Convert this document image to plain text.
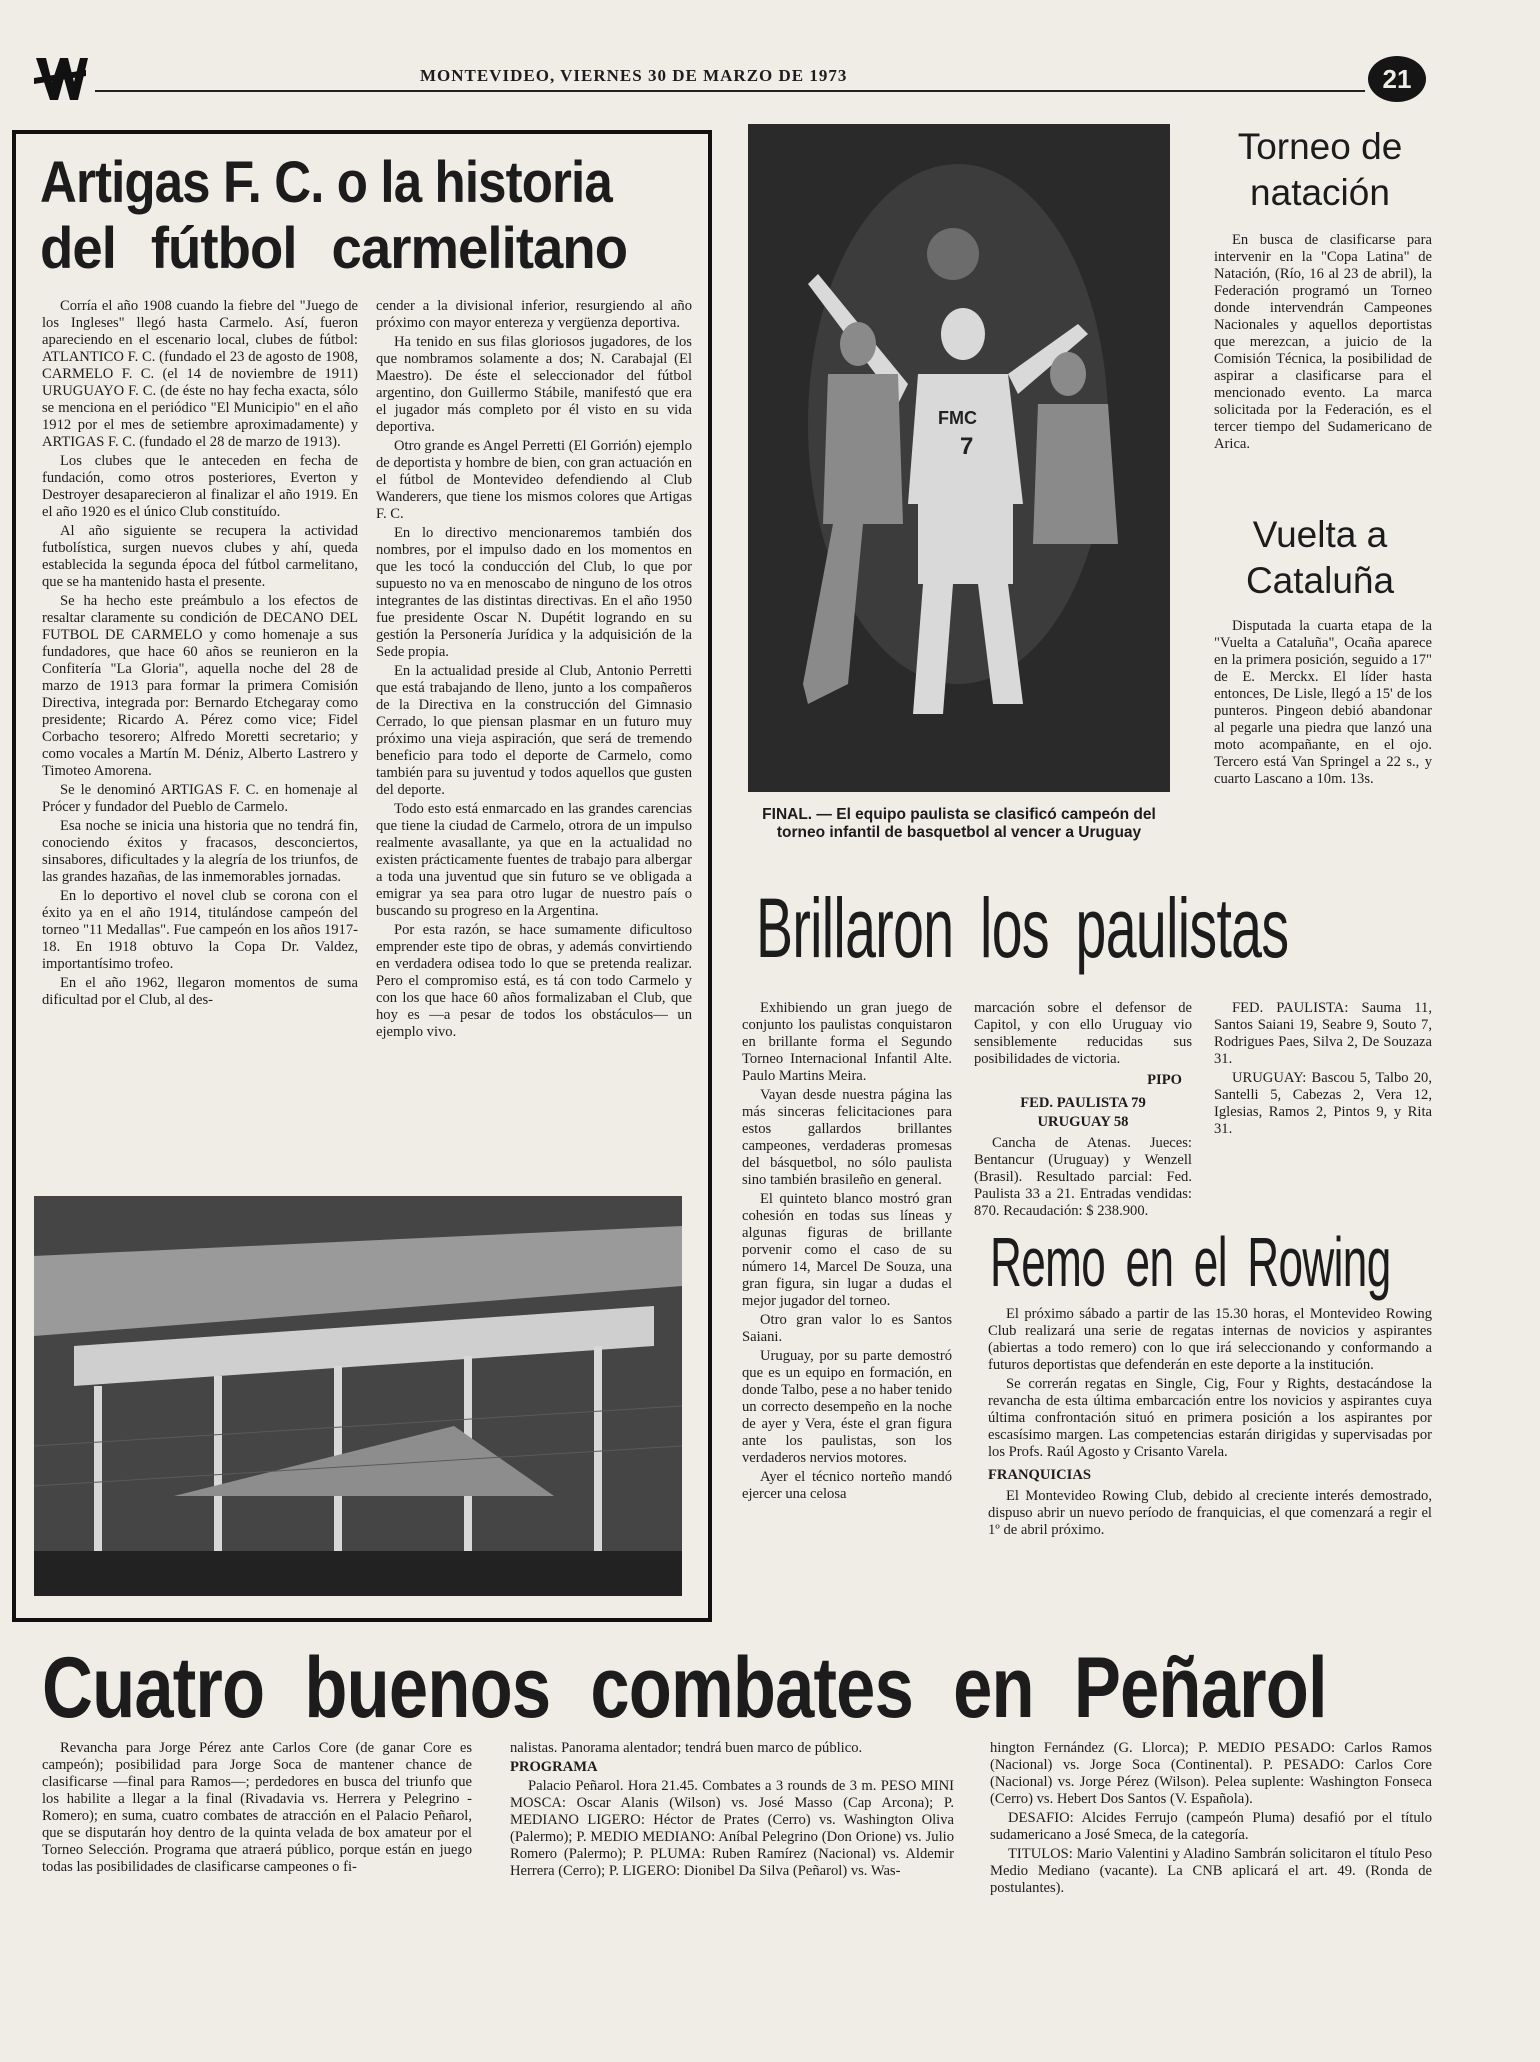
MONTEVIDEO, VIERNES 30 DE MARZO DE 1973	21
Artigas F. C. o la historia
del fútbol carmelitano

Corría el año 1908 cuando la fiebre del "Juego de los Ingleses" llegó hasta Carmelo. Así, fueron apareciendo en el escenario local, clubes de fútbol: ATLANTICO F. C. (fundado el 23 de agosto de 1908, CARMELO F. C. (el 14 de noviembre de 1911) URUGUAYO F. C. (de éste no hay fecha exacta, sólo se menciona en el periódico "El Municipio" en el año 1912 por el mes de setiembre aproximadamente) y ARTIGAS F. C. (fundado el 28 de marzo de 1913).

Los clubes que le anteceden en fecha de fundación, como otros posteriores, Everton y Destroyer desaparecieron al finalizar el año 1919. En el año 1920 es el único Club constituído.

Al año siguiente se recupera la actividad futbolística, surgen nuevos clubes y ahí, queda establecida la segunda época del fútbol carmelitano, que se ha mantenido hasta el presente.

Se ha hecho este preámbulo a los efectos de resaltar claramente su condición de DECANO DEL FUTBOL DE CARMELO y como homenaje a sus fundadores, que hace 60 años se reunieron en la Confitería "La Gloria", aquella noche del 28 de marzo de 1913 para formar la primera Comisión Directiva, integrada por: Bernardo Etchegaray como presidente; Ricardo A. Pérez como vice; Fidel Corbacho tesorero; Alfredo Moretti secretario; y como vocales a Martín M. Déniz, Alberto Lastrero y Timoteo Amorena.

Se le denominó ARTIGAS F. C. en homenaje al Prócer y fundador del Pueblo de Carmelo.

Esa noche se inicia una historia que no tendrá fin, conociendo éxitos y fracasos, desconciertos, sinsabores, dificultades y la alegría de los triunfos, de las grandes hazañas, de las inmemorables jornadas.

En lo deportivo el novel club se corona con el éxito ya en el año 1914, titulándose campeón del torneo "11 Medallas". Fue campeón en los años 1917-18. En 1918 obtuvo la Copa Dr. Valdez, importantísimo trofeo.

En el año 1962, llegaron momentos de suma dificultad por el Club, al des-

cender a la divisional inferior, resurgiendo al año próximo con mayor entereza y vergüenza deportiva.

Ha tenido en sus filas gloriosos jugadores, de los que nombramos solamente a dos; N. Carabajal (El Maestro). De éste el seleccionador del fútbol argentino, don Guillermo Stábile, manifestó que era el jugador más completo por él visto en su vida deportiva.

Otro grande es Angel Perretti (El Gorrión) ejemplo de deportista y hombre de bien, con gran actuación en el fútbol de Montevideo defendiendo al Club Wanderers, que tiene los mismos colores que Artigas F. C.

En lo directivo mencionaremos también dos nombres, por el impulso dado en los momentos en que les tocó la conducción del Club, lo que por supuesto no va en menoscabo de ninguno de los otros integrantes de las distintas directivas. En el año 1950 fue presidente Oscar N. Dupétit logrando en su gestión la Personería Jurídica y la adquisición de la Sede propia.

En la actualidad preside al Club, Antonio Perretti que está trabajando de lleno, junto a los compañeros de la Directiva en la construcción del Gimnasio Cerrado, lo que piensan plasmar en un futuro muy próximo una vieja aspiración, que será de tremendo beneficio para todo el deporte de Carmelo, como también para su juventud y todos aquellos que gusten del deporte.

Todo esto está enmarcado en las grandes carencias que tiene la ciudad de Carmelo, otrora de un impulso realmente avasallante, ya que en la actualidad no existen prácticamente fuentes de trabajo para albergar a toda una juventud que sin futuro se ve obligada a emigrar ya sea para otro lugar de nuestro país o buscando su progreso en la Argentina.

Por esta razón, se hace sumamente dificultoso emprender este tipo de obras, y además convirtiendo en verdadera odisea todo lo que se pretenda realizar. Pero el compromiso está, es tá con todo Carmelo y con los que hace 60 años formalizaban el Club, que hoy es —a pesar de todos los obstáculos— un ejemplo vivo.

FMC
7
FINAL. — El equipo paulista se clasificó campeón del torneo infantil de basquetbol al vencer a Uruguay
Torneo de
natación

En busca de clasificarse para intervenir en la "Copa Latina" de Natación, (Río, 16 al 23 de abril), la Federación programó un Torneo donde intervendrán Campeones Nacionales y aquellos deportistas que merezcan, a juicio de la Comisión Técnica, la posibilidad de aspirar a clasificarse para el mencionado evento. La marca solicitada por la Federación, es el tercer tiempo del Sudamericano de Arica.

Vuelta a
Cataluña

Disputada la cuarta etapa de la "Vuelta a Cataluña", Ocaña aparece en la primera posición, seguido a 17" de E. Merckx. El líder hasta entonces, De Lisle, llegó a 15' de los punteros. Pingeon debió abandonar al pegarle una piedra que lanzó una moto acompañante, en el ojo. Tercero está Van Springel a 22 s., y cuarto Lascano a 10m. 13s.

Brillaron los paulistas

Exhibiendo un gran juego de conjunto los paulistas conquistaron en brillante forma el Segundo Torneo Internacional Infantil Alte. Paulo Martins Meira.

Vayan desde nuestra página las más sinceras felicitaciones para estos gallardos brillantes campeones, verdaderas promesas del básquetbol, no sólo paulista sino también brasileño en general.

El quinteto blanco mostró gran cohesión en todas sus líneas y algunas figuras de brillante porvenir como el caso de su número 14, Marcel De Souza, una gran figura, sin lugar a dudas el mejor jugador del torneo.

Otro gran valor lo es Santos Saiani.

Uruguay, por su parte demostró que es un equipo en formación, en donde Talbo, pese a no haber tenido un correcto desempeño en la noche de ayer y Vera, éste el gran figura ante los paulistas, son los verdaderos nervios motores.

Ayer el técnico norteño mandó ejercer una celosa

marcación sobre el defensor de Capitol, y con ello Uruguay vio sensiblemente reducidas sus posibilidades de victoria.

PIPO

FED. PAULISTA 79

URUGUAY 58

Cancha de Atenas. Jueces: Bentancur (Uruguay) y Wenzell (Brasil). Resultado parcial: Fed. Paulista 33 a 21. Entradas vendidas: 870. Recaudación: $ 238.900.

FED. PAULISTA: Sauma 11, Santos Saiani 19, Seabre 9, Souto 7, Rodrigues Paes, Silva 2, De Souzaza 31.

URUGUAY: Bascou 5, Talbo 20, Santelli 5, Cabezas 2, Vera 12, Iglesias, Ramos 2, Pintos 9, y Rita 31.

Remo en el Rowing

El próximo sábado a partir de las 15.30 horas, el Montevideo Rowing Club realizará una serie de regatas internas de novicios y aspirantes (abiertas a todo remero) con lo que irá seleccionando y conformando a futuros deportistas que defenderán en este deporte a la institución.

Se correrán regatas en Single, Cig, Four y Rights, destacándose la revancha de esta última embarcación entre los novicios y aspirantes cuya última confrontación situó en primera posición a los aspirantes por escasísimo margen. Las competencias estarán dirigidas y supervisadas por los Profs. Raúl Agosto y Crisanto Varela.

FRANQUICIAS

El Montevideo Rowing Club, debido al creciente interés demostrado, dispuso abrir un nuevo período de franquicias, el que comenzará a regir el 1º de abril próximo.

Cuatro buenos combates en Peñarol

Revancha para Jorge Pérez ante Carlos Core (de ganar Core es campeón); posibilidad para Jorge Soca de mantener chance de clasificarse —final para Ramos—; perdedores en busca del triunfo que los habilite a llegar a la final (Rivadavia vs. Herrera y Pelegrino - Romero); en suma, cuatro combates de atracción en el Palacio Peñarol, que se disputarán hoy dentro de la quinta velada de box amateur por el Torneo Selección. Programa que atraerá público, porque están en juego todas las posibilidades de clasificarse campeones o fi-

nalistas. Panorama alentador; tendrá buen marco de público.

PROGRAMA

Palacio Peñarol. Hora 21.45. Combates a 3 rounds de 3 m. PESO MINI MOSCA: Oscar Alanis (Wilson) vs. José Masso (Cap Arcona); P. MEDIANO LIGERO: Héctor de Prates (Cerro) vs. Washington Oliva (Palermo); P. MEDIO MEDIANO: Aníbal Pelegrino (Don Orione) vs. Julio Romero (Palermo); P. PLUMA: Ruben Ramírez (Nacional) vs. Aldemir Herrera (Cerro); P. LIGERO: Dionibel Da Silva (Peñarol) vs. Was-

hington Fernández (G. Llorca); P. MEDIO PESADO: Carlos Ramos (Nacional) vs. Jorge Soca (Continental). P. PESADO: Carlos Core (Nacional) vs. Jorge Pérez (Wilson). Pelea suplente: Washington Fonseca (Cerro) vs. Hebert Dos Santos (V. Española).

DESAFIO: Alcides Ferrujo (campeón Pluma) desafió por el título sudamericano a José Smeca, de la categoría.

TITULOS: Mario Valentini y Aladino Sambrán solicitaron el título Peso Medio Mediano (vacante). La CNB aplicará el art. 49. (Ronda de postulantes).
